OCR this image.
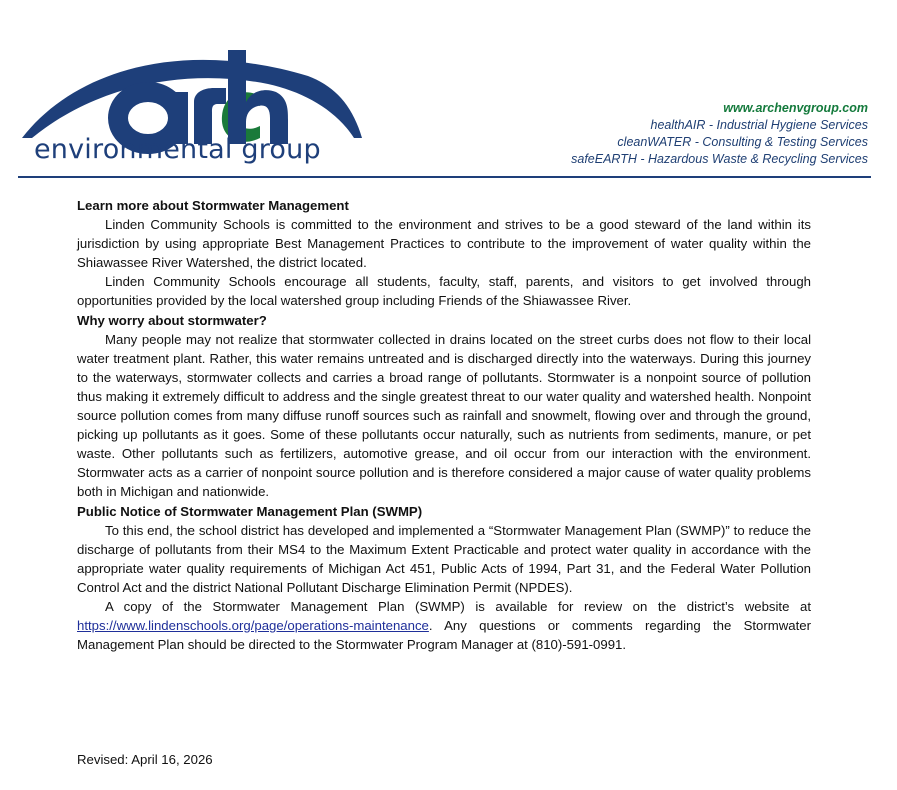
environmental group
www.archenvgroup.com
healthAIR - Industrial Hygiene Services
cleanWATER - Consulting & Testing Services
safeEARTH - Hazardous Waste & Recycling Services
Learn more about Stormwater Management

Linden Community Schools is committed to the environment and strives to be a good steward of the land within its jurisdiction by using appropriate Best Management Practices to contribute to the improvement of water quality within the Shiawassee River Watershed, the district located.

Linden Community Schools encourage all students, faculty, staff, parents, and visitors to get involved through opportunities provided by the local watershed group including Friends of the Shiawassee River.

Why worry about stormwater?

Many people may not realize that stormwater collected in drains located on the street curbs does not flow to their local water treatment plant. Rather, this water remains untreated and is discharged directly into the waterways. During this journey to the waterways, stormwater collects and carries a broad range of pollutants. Stormwater is a nonpoint source of pollution thus making it extremely difficult to address and the single greatest threat to our water quality and watershed health. Nonpoint source pollution comes from many diffuse runoff sources such as rainfall and snowmelt, flowing over and through the ground, picking up pollutants as it goes. Some of these pollutants occur naturally, such as nutrients from sediments, manure, or pet waste. Other pollutants such as fertilizers, automotive grease, and oil occur from our interaction with the environment. Stormwater acts as a carrier of nonpoint source pollution and is therefore considered a major cause of water quality problems both in Michigan and nationwide.

Public Notice of Stormwater Management Plan (SWMP)

To this end, the school district has developed and implemented a “Stormwater Management Plan (SWMP)” to reduce the discharge of pollutants from their MS4 to the Maximum Extent Practicable and protect water quality in accordance with the appropriate water quality requirements of Michigan Act 451, Public Acts of 1994, Part 31, and the Federal Water Pollution Control Act and the district National Pollutant Discharge Elimination Permit (NPDES).

A copy of the Stormwater Management Plan (SWMP) is available for review on the district’s website at https://www.lindenschools.org/page/operations-maintenance. Any questions or comments regarding the Stormwater Management Plan should be directed to the Stormwater Program Manager at (810)-591-0991.

Revised: April 16, 2026
